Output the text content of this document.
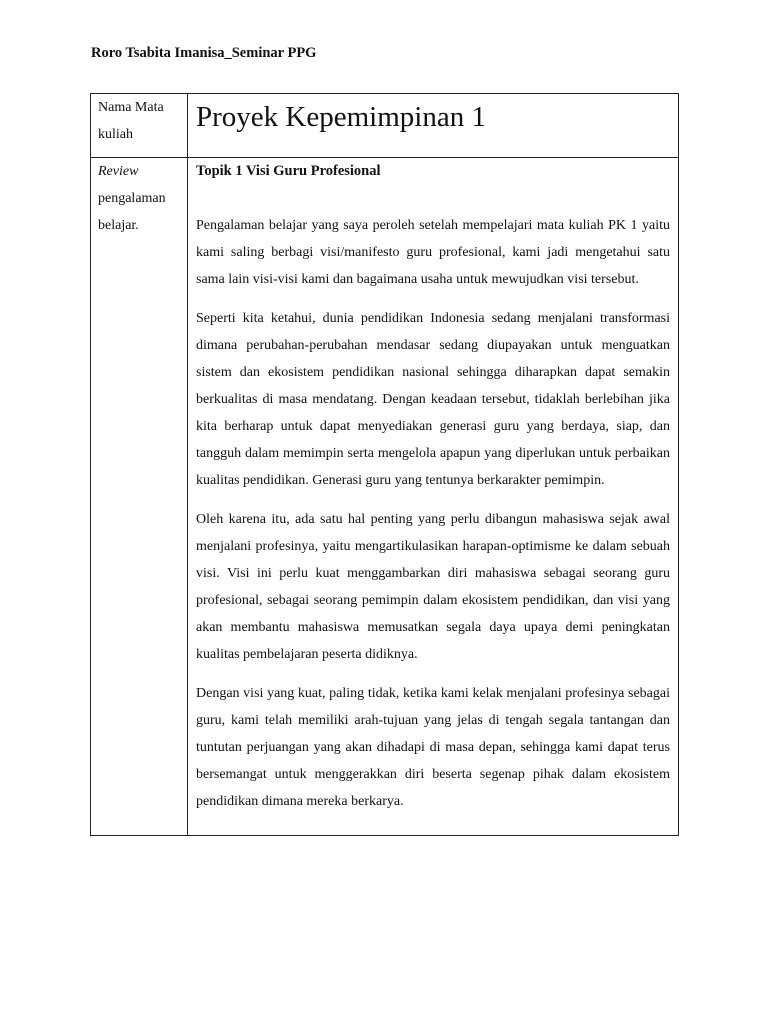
Roro Tsabita Imanisa_Seminar PPG
Nama Mata kuliah	Proyek Kepemimpinan 1
Review pengalaman belajar.	Topik 1 Visi Guru Profesional

Pengalaman belajar yang saya peroleh setelah mempelajari mata kuliah PK 1 yaitu kami saling berbagi visi/manifesto guru profesional, kami jadi mengetahui satu sama lain visi-visi kami dan bagaimana usaha untuk mewujudkan visi tersebut.

Seperti kita ketahui, dunia pendidikan Indonesia sedang menjalani transformasi dimana perubahan-perubahan mendasar sedang diupayakan untuk menguatkan sistem dan ekosistem pendidikan nasional sehingga diharapkan dapat semakin berkualitas di masa mendatang. Dengan keadaan tersebut, tidaklah berlebihan jika kita berharap untuk dapat menyediakan generasi guru yang berdaya, siap, dan tangguh dalam memimpin serta mengelola apapun yang diperlukan untuk perbaikan kualitas pendidikan. Generasi guru yang tentunya berkarakter pemimpin.

Oleh karena itu, ada satu hal penting yang perlu dibangun mahasiswa sejak awal menjalani profesinya, yaitu mengartikulasikan harapan-optimisme ke dalam sebuah visi. Visi ini perlu kuat menggambarkan diri mahasiswa sebagai seorang guru profesional, sebagai seorang pemimpin dalam ekosistem pendidikan, dan visi yang akan membantu mahasiswa memusatkan segala daya upaya demi peningkatan kualitas pembelajaran peserta didiknya.

Dengan visi yang kuat, paling tidak, ketika kami kelak menjalani profesinya sebagai guru, kami telah memiliki arah-tujuan yang jelas di tengah segala tantangan dan tuntutan perjuangan yang akan dihadapi di masa depan, sehingga kami dapat terus bersemangat untuk menggerakkan diri beserta segenap pihak dalam ekosistem pendidikan dimana mereka berkarya.
